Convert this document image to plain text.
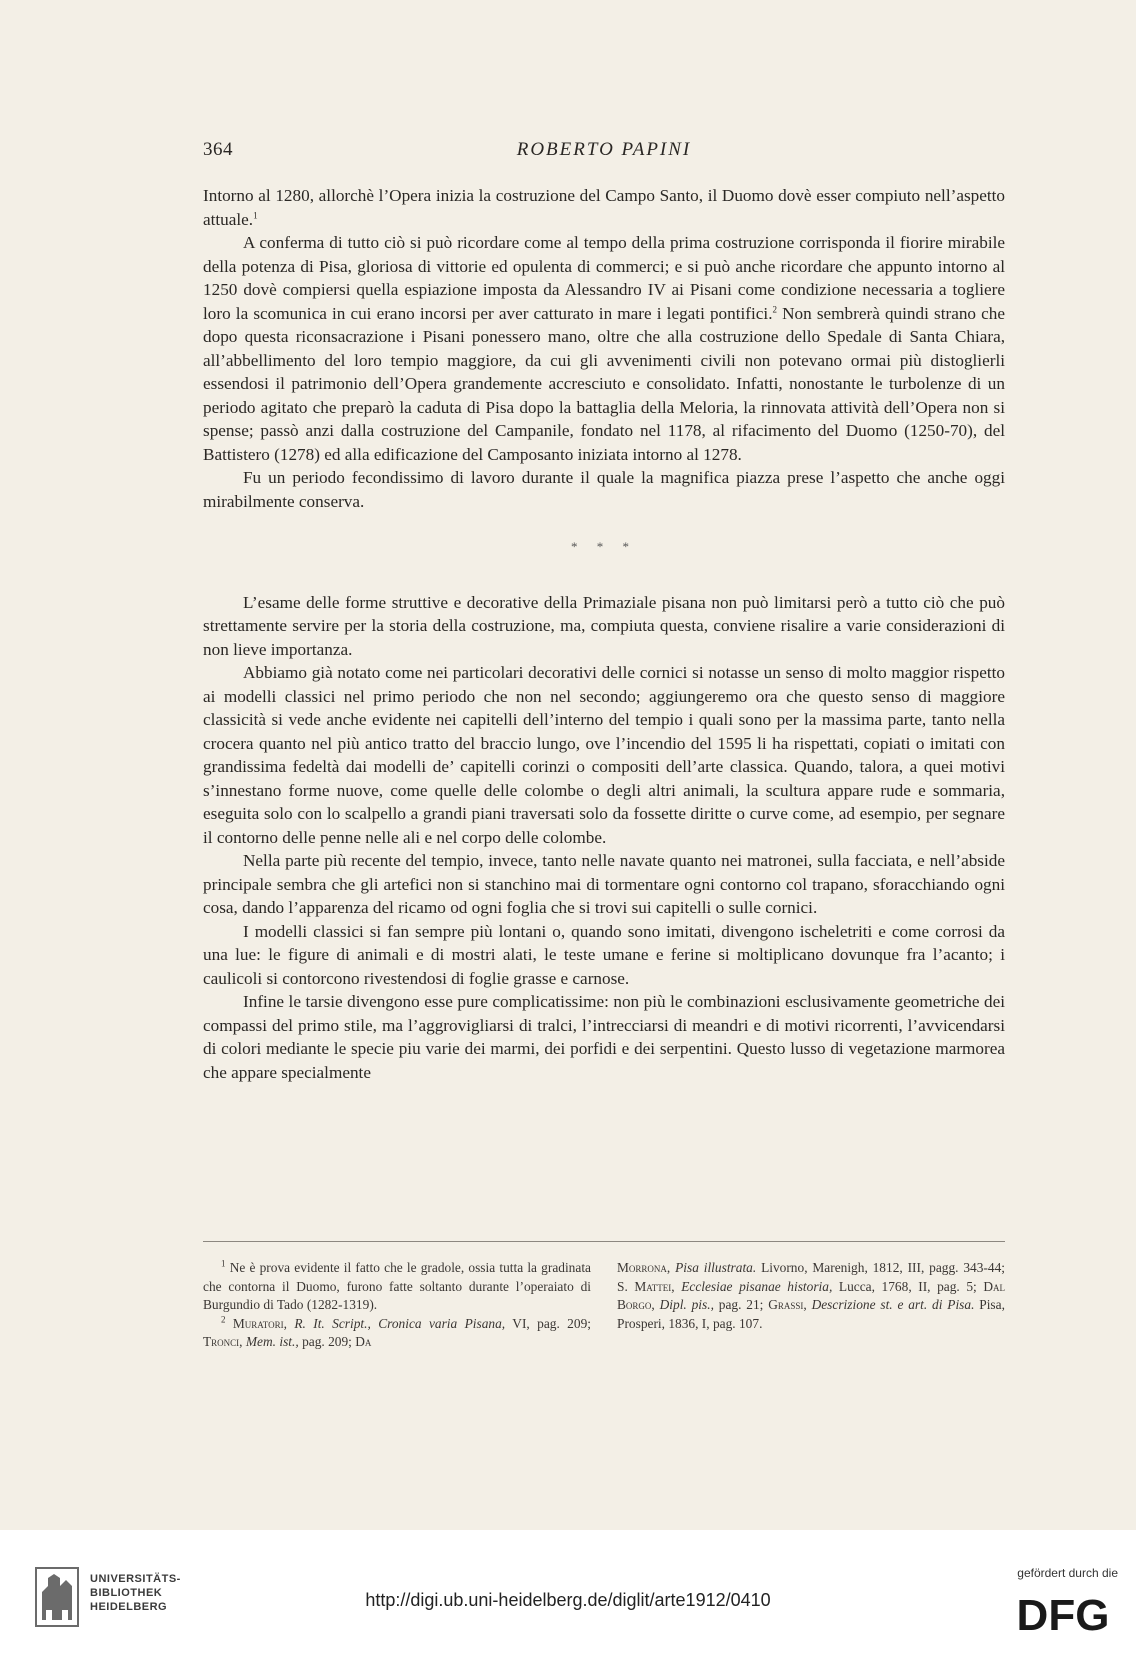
364	ROBERTO PAPINI

Intorno al 1280, allorchè l’Opera inizia la costruzione del Campo Santo, il Duomo dovè esser compiuto nell’aspetto attuale.$^1$

A conferma di tutto ciò si può ricordare come al tempo della prima costruzione corrisponda il fiorire mirabile della potenza di Pisa, gloriosa di vittorie ed opulenta di commerci; e si può anche ricordare che appunto intorno al 1250 dovè compiersi quella espiazione imposta da Alessandro IV ai Pisani come condizione necessaria a togliere loro la scomunica in cui erano incorsi per aver catturato in mare i legati pontifici.$^2$ Non sembrerà quindi strano che dopo questa riconsacrazione i Pisani ponessero mano, oltre che alla costruzione dello Spedale di Santa Chiara, all’abbellimento del loro tempio maggiore, da cui gli avvenimenti civili non potevano ormai più distoglierli essendosi il patrimonio dell’Opera grandemente accresciuto e consolidato. Infatti, nonostante le turbolenze di un periodo agitato che preparò la caduta di Pisa dopo la battaglia della Meloria, la rinnovata attività dell’Opera non si spense; passò anzi dalla costruzione del Campanile, fondato nel 1178, al rifacimento del Duomo (1250-70), del Battistero (1278) ed alla edificazione del Camposanto iniziata intorno al 1278.

Fu un periodo fecondissimo di lavoro durante il quale la magnifica piazza prese l’aspetto che anche oggi mirabilmente conserva.

* * *

L’esame delle forme struttive e decorative della Primaziale pisana non può limitarsi però a tutto ciò che può strettamente servire per la storia della costruzione, ma, compiuta questa, conviene risalire a varie considerazioni di non lieve importanza.

Abbiamo già notato come nei particolari decorativi delle cornici si notasse un senso di molto maggior rispetto ai modelli classici nel primo periodo che non nel secondo; aggiungeremo ora che questo senso di maggiore classicità si vede anche evidente nei capitelli dell’interno del tempio i quali sono per la massima parte, tanto nella crocera quanto nel più antico tratto del braccio lungo, ove l’incendio del 1595 li ha rispettati, copiati o imitati con grandissima fedeltà dai modelli de’ capitelli corinzi o compositi dell’arte classica. Quando, talora, a quei motivi s’innestano forme nuove, come quelle delle colombe o degli altri animali, la scultura appare rude e sommaria, eseguita solo con lo scalpello a grandi piani traversati solo da fossette diritte o curve come, ad esempio, per segnare il contorno delle penne nelle ali e nel corpo delle colombe.

Nella parte più recente del tempio, invece, tanto nelle navate quanto nei matronei, sulla facciata, e nell’abside principale sembra che gli artefici non si stanchino mai di tormentare ogni contorno col trapano, sforacchiando ogni cosa, dando l’apparenza del ricamo od ogni foglia che si trovi sui capitelli o sulle cornici.

I modelli classici si fan sempre più lontani o, quando sono imitati, divengono ischeletriti e come corrosi da una lue: le figure di animali e di mostri alati, le teste umane e ferine si moltiplicano dovunque fra l’acanto; i caulicoli si contorcono rivestendosi di foglie grasse e carnose.

Infine le tarsie divengono esse pure complicatissime: non più le combinazioni esclusivamente geometriche dei compassi del primo stile, ma l’aggrovigliarsi di tralci, l’intrecciarsi di meandri e di motivi ricorrenti, l’avvicendarsi di colori mediante le specie piu varie dei marmi, dei porfidi e dei serpentini. Questo lusso di vegetazione marmorea che appare specialmente

$^1$ Ne è prova evidente il fatto che le gradole, ossia tutta la gradinata che contorna il Duomo, furono fatte soltanto durante l’operaiato di Burgundio di Tado (1282-1319).

$^2$ Muratori, R. It. Script., Cronica varia Pisana, VI, pag. 209; Tronci, Mem. ist., pag. 209; Da

Morrona, Pisa illustrata. Livorno, Marenigh, 1812, III, pagg. 343-44; S. Mattei, Ecclesiae pisanae historia, Lucca, 1768, II, pag. 5; Dal Borgo, Dipl. pis., pag. 21; Grassi, Descrizione st. e art. di Pisa. Pisa, Prosperi, 1836, I, pag. 107.

UNIVERSITÄTS-
BIBLIOTHEK
HEIDELBERG	http://digi.ub.uni-heidelberg.de/diglit/arte1912/0410
gefördert durch die
DFG
